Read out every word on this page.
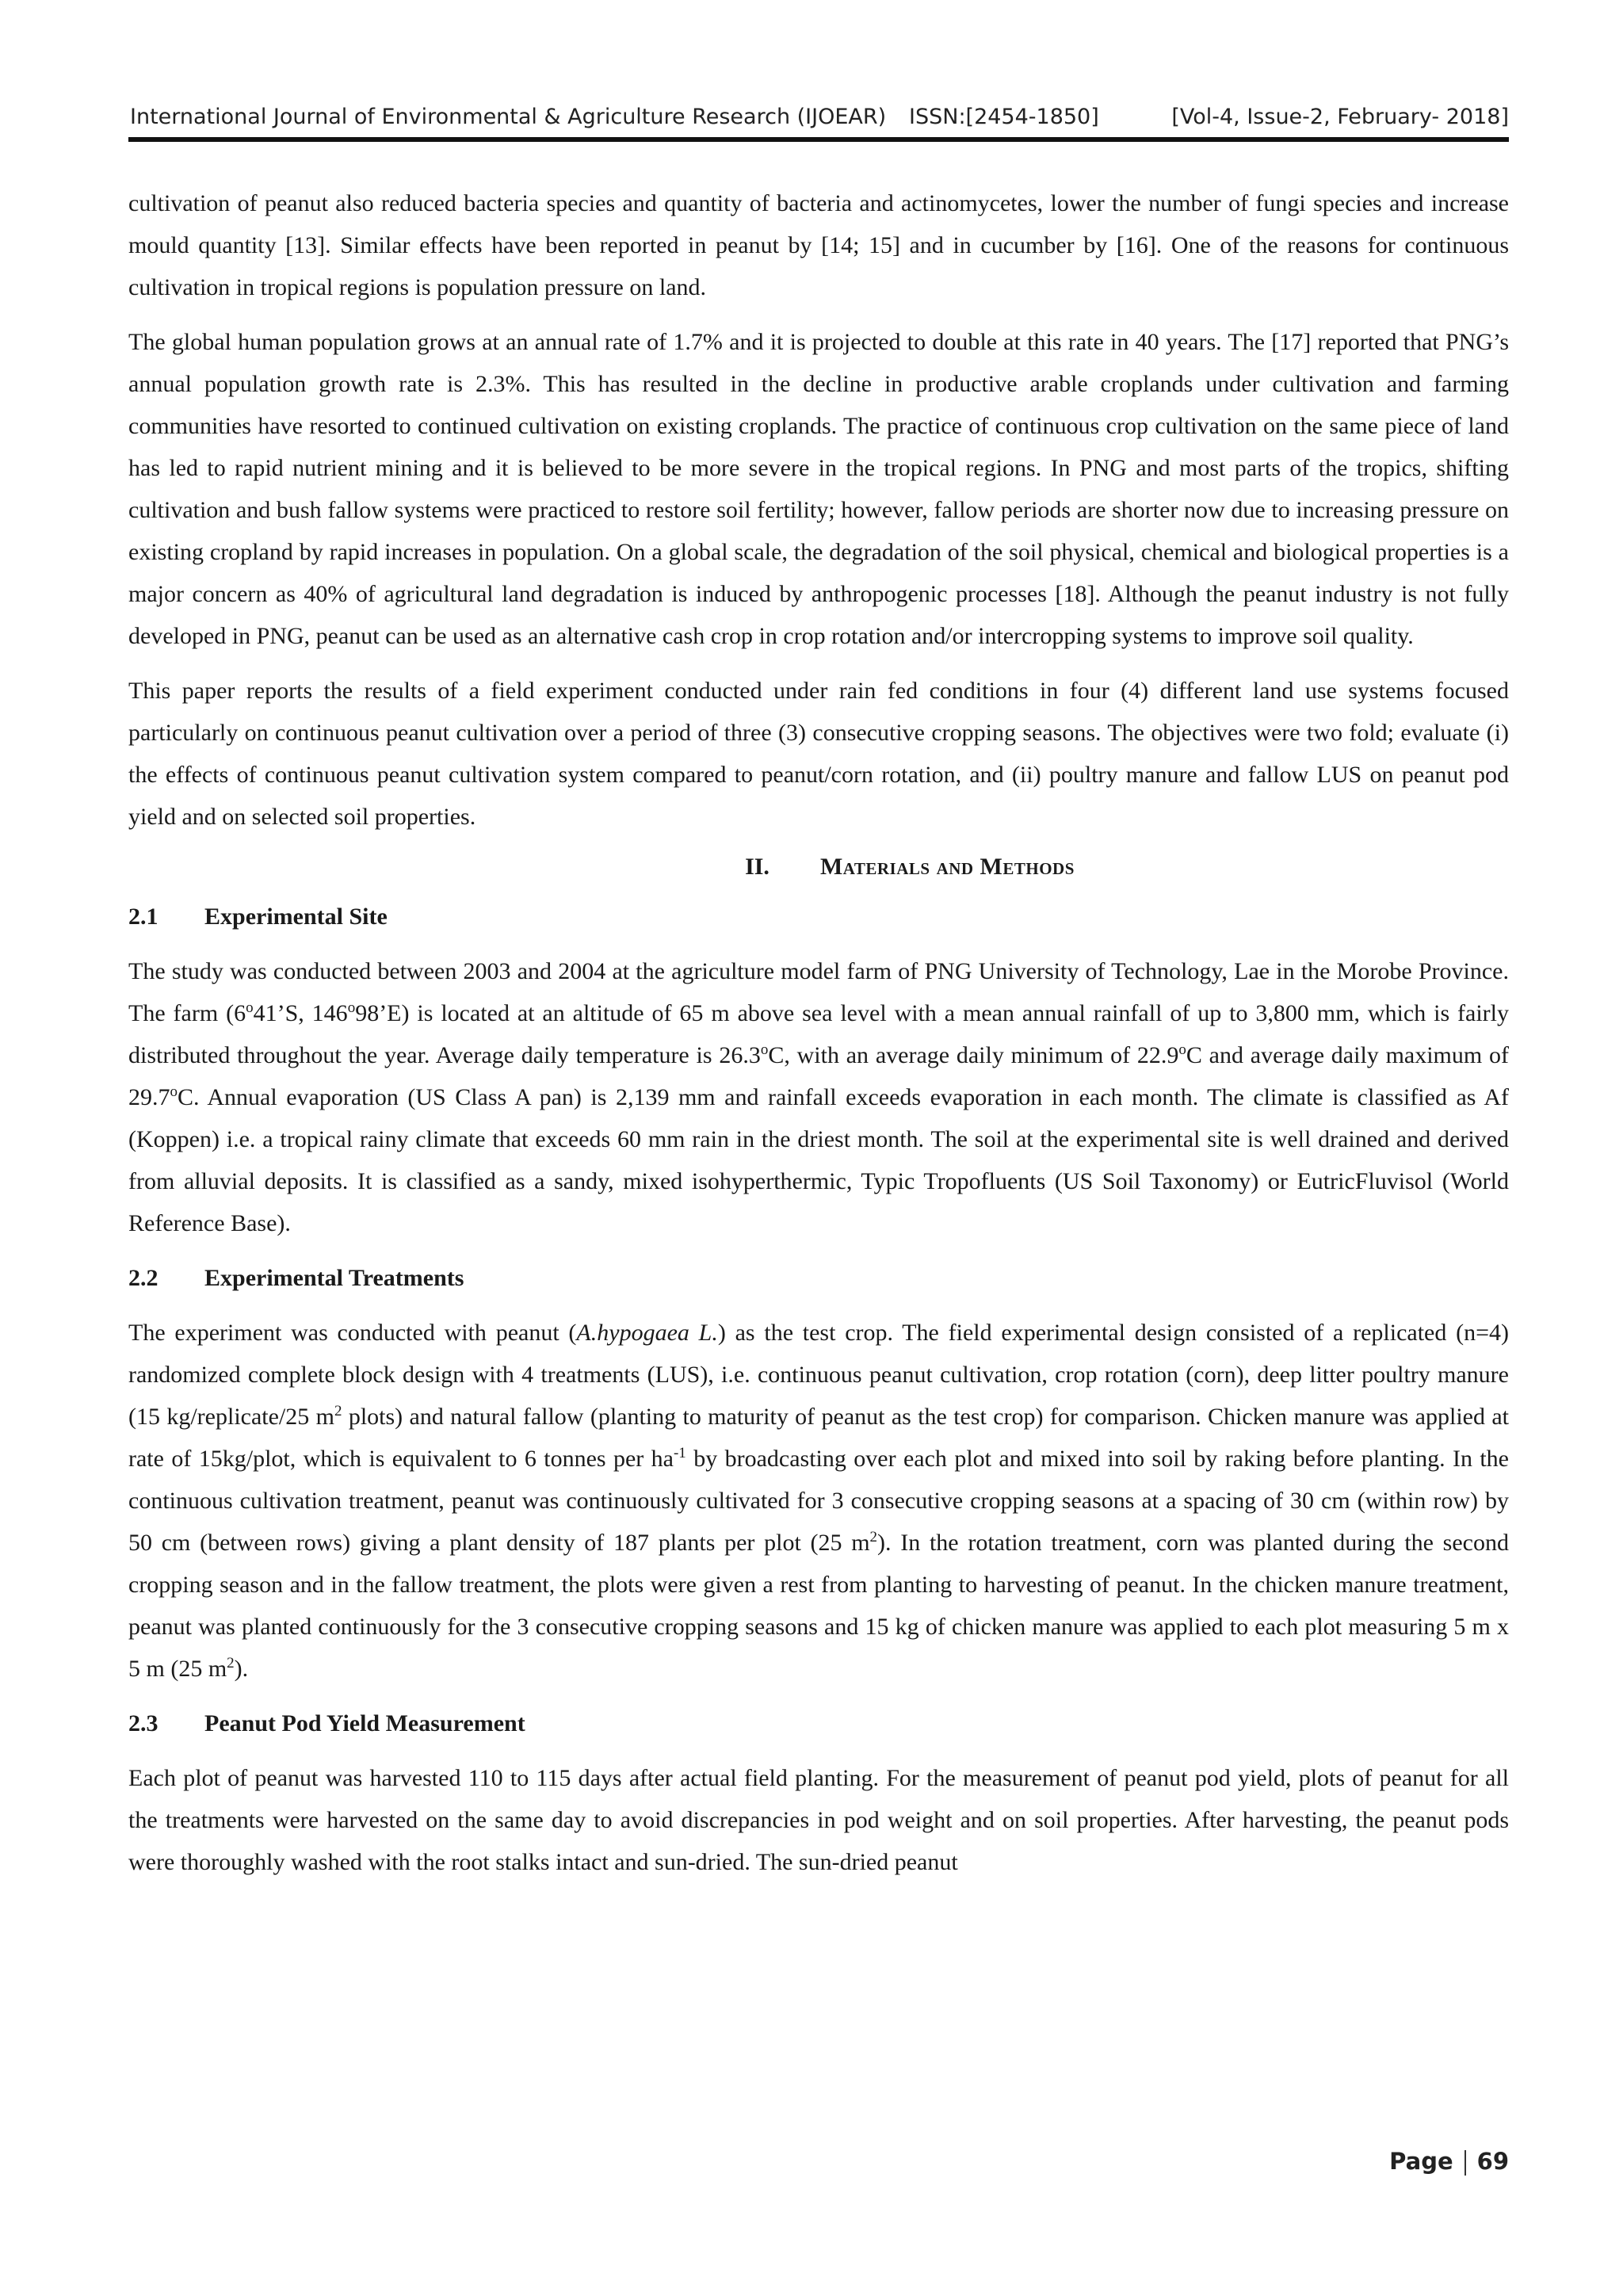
International Journal of Environmental & Agriculture Research (IJOEAR) ISSN:[2454-1850]	[Vol-4, Issue-2, February- 2018]

cultivation of peanut also reduced bacteria species and quantity of bacteria and actinomycetes, lower the number of fungi species and increase mould quantity [13]. Similar effects have been reported in peanut by [14; 15] and in cucumber by [16]. One of the reasons for continuous cultivation in tropical regions is population pressure on land.

The global human population grows at an annual rate of 1.7% and it is projected to double at this rate in 40 years. The [17] reported that PNG’s annual population growth rate is 2.3%. This has resulted in the decline in productive arable croplands under cultivation and farming communities have resorted to continued cultivation on existing croplands. The practice of continuous crop cultivation on the same piece of land has led to rapid nutrient mining and it is believed to be more severe in the tropical regions. In PNG and most parts of the tropics, shifting cultivation and bush fallow systems were practiced to restore soil fertility; however, fallow periods are shorter now due to increasing pressure on existing cropland by rapid increases in population. On a global scale, the degradation of the soil physical, chemical and biological properties is a major concern as 40% of agricultural land degradation is induced by anthropogenic processes [18]. Although the peanut industry is not fully developed in PNG, peanut can be used as an alternative cash crop in crop rotation and/or intercropping systems to improve soil quality.

This paper reports the results of a field experiment conducted under rain fed conditions in four (4) different land use systems focused particularly on continuous peanut cultivation over a period of three (3) consecutive cropping seasons. The objectives were two fold; evaluate (i) the effects of continuous peanut cultivation system compared to peanut/corn rotation, and (ii) poultry manure and fallow LUS on peanut pod yield and on selected soil properties.

II. Materials and Methods
2.1 Experimental Site

The study was conducted between 2003 and 2004 at the agriculture model farm of PNG University of Technology, Lae in the Morobe Province. The farm (6$^o$41’S, 146$^o$98’E) is located at an altitude of 65 m above sea level with a mean annual rainfall of up to 3,800 mm, which is fairly distributed throughout the year. Average daily temperature is 26.3$^o$C, with an average daily minimum of 22.9$^o$C and average daily maximum of 29.7$^o$C. Annual evaporation (US Class A pan) is 2,139 mm and rainfall exceeds evaporation in each month. The climate is classified as Af (Koppen) i.e. a tropical rainy climate that exceeds 60 mm rain in the driest month. The soil at the experimental site is well drained and derived from alluvial deposits. It is classified as a sandy, mixed isohyperthermic, Typic Tropofluents (US Soil Taxonomy) or EutricFluvisol (World Reference Base).

2.2 Experimental Treatments

The experiment was conducted with peanut (A.hypogaea L.) as the test crop. The field experimental design consisted of a replicated (n=4) randomized complete block design with 4 treatments (LUS), i.e. continuous peanut cultivation, crop rotation (corn), deep litter poultry manure (15 kg/replicate/25 $m^2$ plots) and natural fallow (planting to maturity of peanut as the test crop) for comparison. Chicken manure was applied at rate of 15kg/plot, which is equivalent to 6 tonnes per $ha^{-1}$ by broadcasting over each plot and mixed into soil by raking before planting. In the continuous cultivation treatment, peanut was continuously cultivated for 3 consecutive cropping seasons at a spacing of 30 cm (within row) by 50 cm (between rows) giving a plant density of 187 plants per plot (25 $m^2$). In the rotation treatment, corn was planted during the second cropping season and in the fallow treatment, the plots were given a rest from planting to harvesting of peanut. In the chicken manure treatment, peanut was planted continuously for the 3 consecutive cropping seasons and 15 kg of chicken manure was applied to each plot measuring 5 m x 5 m (25 $m^2$).

2.3 Peanut Pod Yield Measurement

Each plot of peanut was harvested 110 to 115 days after actual field planting. For the measurement of peanut pod yield, plots of peanut for all the treatments were harvested on the same day to avoid discrepancies in pod weight and on soil properties. After harvesting, the peanut pods were thoroughly washed with the root stalks intact and sun-dried. The sun-dried peanut

Page 69
